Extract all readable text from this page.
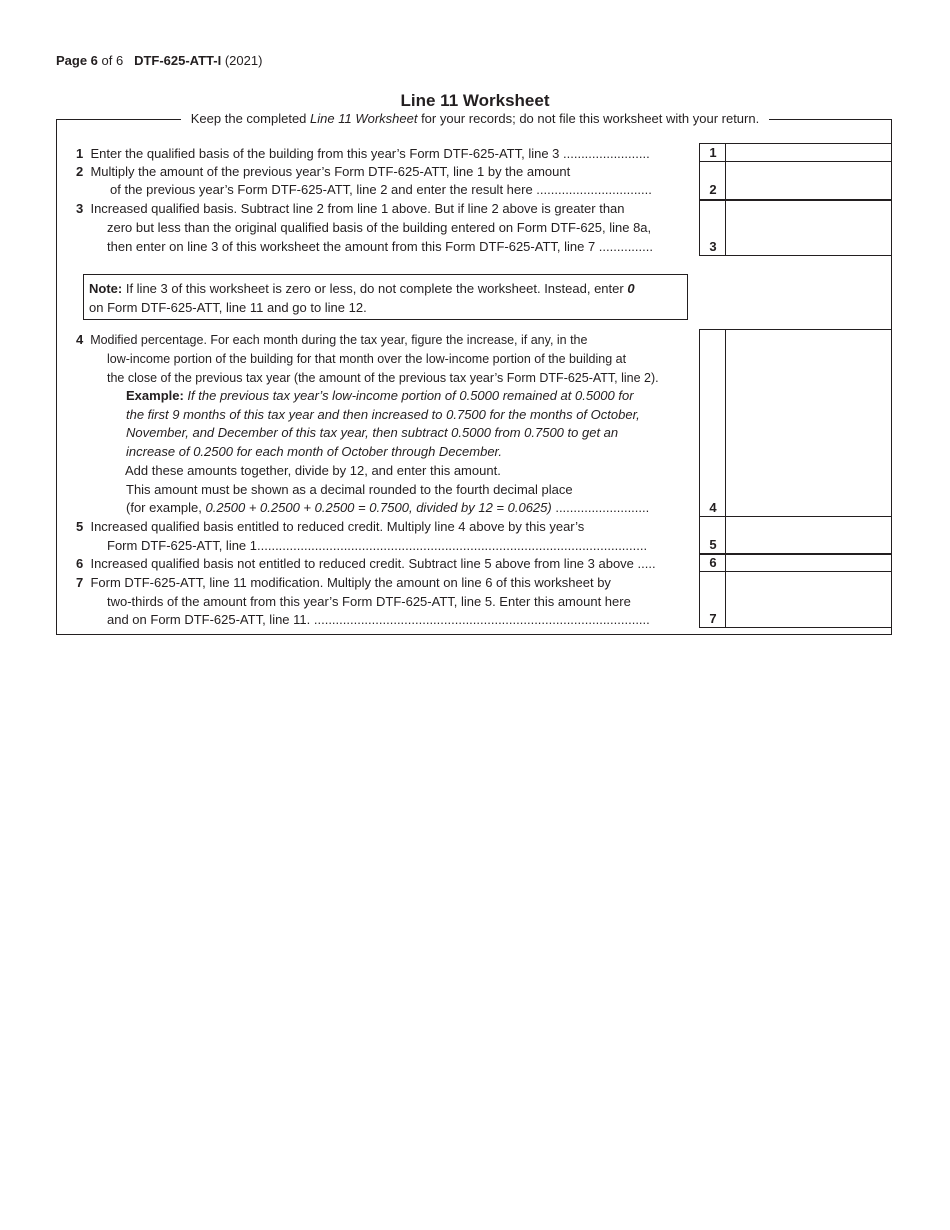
Page 6 of 6 DTF-625-ATT-I (2021)
Line 11 Worksheet
Keep the completed Line 11 Worksheet for your records; do not file this worksheet with your return.
1 Enter the qualified basis of the building from this year’s Form DTF-625-ATT, line 3 ........................
2 Multiply the amount of the previous year’s Form DTF-625-ATT, line 1 by the amount
of the previous year’s Form DTF-625-ATT, line 2 and enter the result here ................................
3 Increased qualified basis. Subtract line 2 from line 1 above. But if line 2 above is greater than
zero but less than the original qualified basis of the building entered on Form DTF-625, line 8a,
then enter on line 3 of this worksheet the amount from this Form DTF-625-ATT, line 7 ...............
Note: If line 3 of this worksheet is zero or less, do not complete the worksheet. Instead, enter 0
on Form DTF-625-ATT, line 11 and go to line 12.
4 Modified percentage. For each month during the tax year, figure the increase, if any, in the
low-income portion of the building for that month over the low-income portion of the building at
the close of the previous tax year (the amount of the previous tax year’s Form DTF-625-ATT, line 2).
Example: If the previous tax year’s low-income portion of 0.5000 remained at 0.5000 for
the first 9 months of this tax year and then increased to 0.7500 for the months of October,
November, and December of this tax year, then subtract 0.5000 from 0.7500 to get an
increase of 0.2500 for each month of October through December.
Add these amounts together, divide by 12, and enter this amount.
This amount must be shown as a decimal rounded to the fourth decimal place
(for example, 0.2500 + 0.2500 + 0.2500 = 0.7500, divided by 12 = 0.0625) ..........................
5 Increased qualified basis entitled to reduced credit. Multiply line 4 above by this year’s
Form DTF-625-ATT, line 1............................................................................................................
6 Increased qualified basis not entitled to reduced credit. Subtract line 5 above from line 3 above .....
7 Form DTF-625-ATT, line 11 modification. Multiply the amount on line 6 of this worksheet by
two-thirds of the amount from this year’s Form DTF-625-ATT, line 5. Enter this amount here
and on Form DTF-625-ATT, line 11. .............................................................................................
1
2
3
4
5
6
7
